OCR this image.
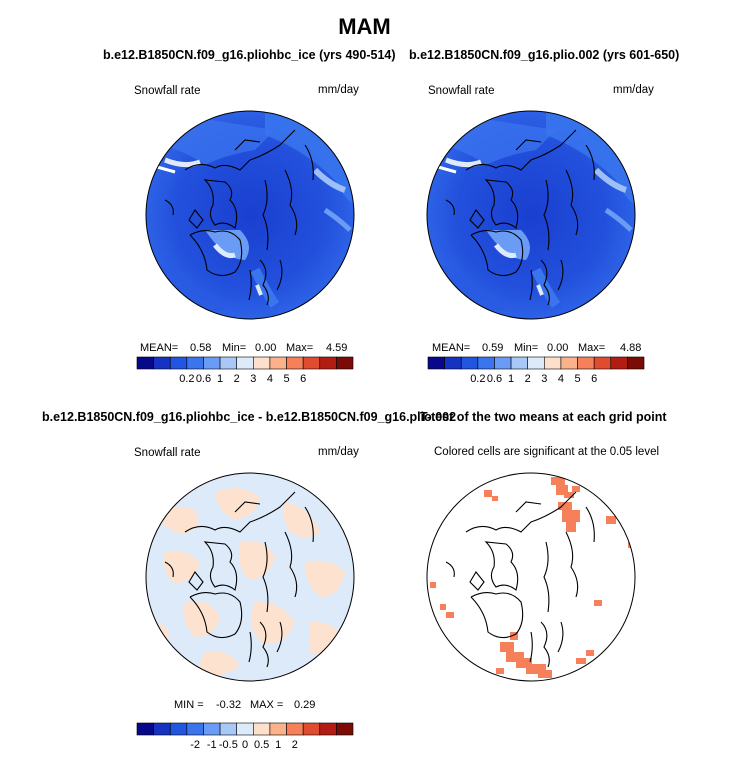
MAM
b.e12.B1850CN.f09_g16.pliohbc_ice (yrs 490-514)
Snowfall rate	mm/day
MEAN= 0.58 Min= 0.00 Max= 4.59
0.2 0.6 1 2 3 4 5 6
b.e12.B1850CN.f09_g16.plio.002 (yrs 601-650)
Snowfall rate	mm/day
MEAN= 0.59 Min= 0.00 Max= 4.88
0.2 0.6 1 2 3 4 5 6
b.e12.B1850CN.f09_g16.pliohbc_ice - b.e12.B1850CN.f09_g16.plio.002
Snowfall rate	mm/day
MIN = -0.32 MAX = 0.29
-2 -1 -0.5 0 0.5 1 2
T-test of the two means at each grid point
Colored cells are significant at the 0.05 level
